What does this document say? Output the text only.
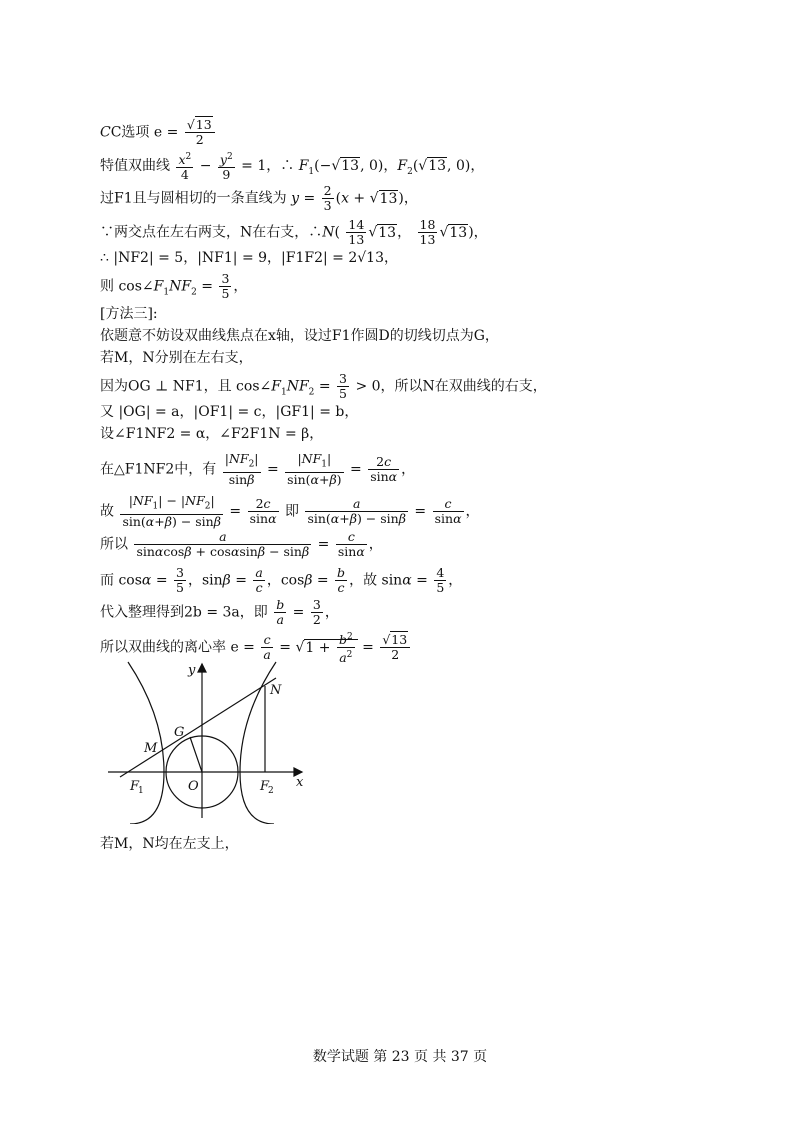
CC选项 $e = \frac{√13}{2}$
特值双曲线 $\frac{x^2}{4} - \frac{y^2}{9} = 1$，∴ $F_1(-√13$, 0)，$F_2(√13$, 0)，
过F1且与圆相切的一条直线为 $y = \frac{2}{3} (x + √13)$，
∵两交点在左右两支，N在右支，∴N( $\frac{14}{13} √13$， $\frac{18}{13} √13$)，
∴ |NF2| = 5，|NF1| = 9，|F1F2| = 2√13，
则 $\cos\angle F_1NF_2 = \frac{3}{5}$ ，
[方法三]:
依题意不妨设双曲线焦点在x轴，设过F1作圆D的切线切点为G，
若M，N分别在左右支，
因为OG ⊥ NF1，且 $\cos\angle F_1NF_2 = \frac{3}{5} > 0$，所以N在双曲线的右支，
又 |OG| = a，|OF1| = c，|GF1| = b，
设∠F1NF2 = α，∠F2F1N = β，
在△F1NF2中，有 $\frac{|NF_2|}{\sin\beta} = \frac{|NF_1|}{\sin(\alpha+\beta)} = \frac{2c}{\sin\alpha}$ ，
故 $\frac{|NF_1| - |NF_2|}{\sin(\alpha+\beta) - \sin\beta} = \frac{2c}{\sin\alpha}$ 即 $\frac{a}{\sin(\alpha+\beta) - \sin\beta} = \frac{c}{\sin\alpha}$ ，
所以 $\frac{a}{\sin\alpha\cos\beta + \cos\alpha\sin\beta - \sin\beta} = \frac{c}{\sin\alpha}$ ，
而 $\cos\alpha = \frac{3}{5}$ ，$\sin\beta = \frac{a}{c}$ ，$\cos\beta = \frac{b}{c}$ ，故 $\sin\alpha = \frac{4}{5}$ ，
代入整理得到2b = 3a，即 $\frac{b}{a} = \frac{3}{2}$ ，
所以双曲线的离心率 $e = \frac{c}{a} = √1 + \frac{b^2}{a^2} = \frac{√13}{2}$
y
x
N
G
M
O
F
1	F
2
若M，N均在左支上，
数学试题 第 23 页 共 37 页
